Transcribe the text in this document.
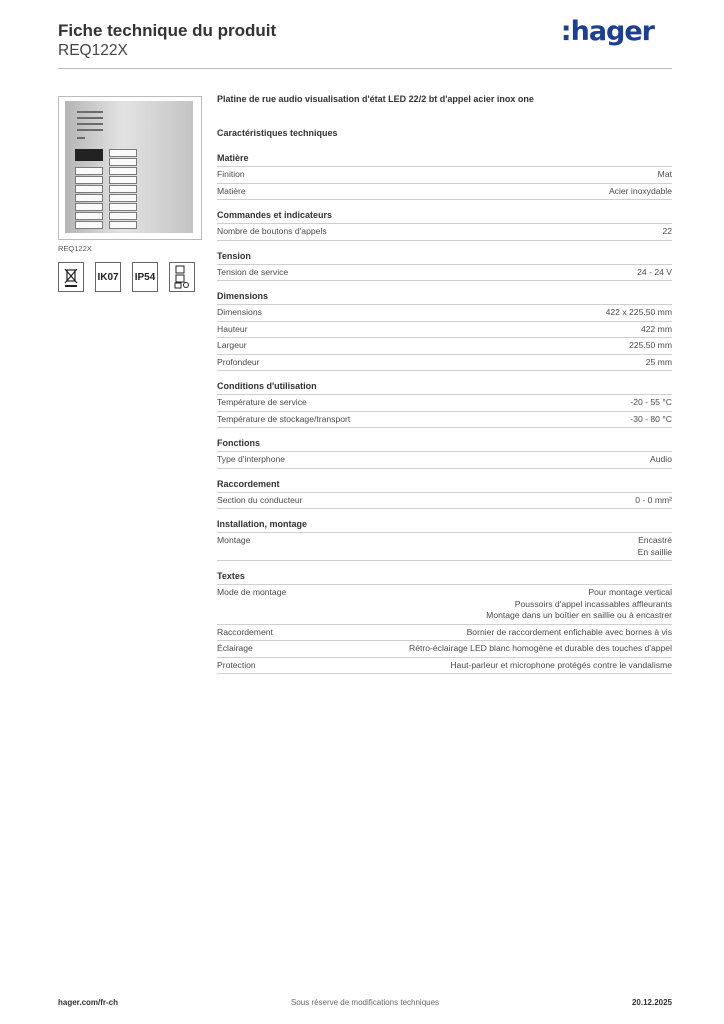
Fiche technique du produit
REQ122X
:hager
REQ122X
IK07 IP54
Platine de rue audio visualisation d'état LED 22/2 bt d'appel acier inox one
Caractéristiques techniques
Matière
Finition	Mat
Matière	Acier inoxydable
Commandes et indicateurs
Nombre de boutons d'appels	22
Tension
Tension de service	24 - 24 V
Dimensions
Dimensions	422 x 225.50 mm
Hauteur	422 mm
Largeur	225.50 mm
Profondeur	25 mm
Conditions d'utilisation
Température de service	-20 - 55 °C
Température de stockage/transport	-30 - 80 °C
Fonctions
Type d'interphone	Audio
Raccordement
Section du conducteur	0 - 0 mm²
Installation, montage
Montage	Encastré
En saillie
Textes
Mode de montage	Pour montage vertical
Poussoirs d'appel incassables affleurants
Montage dans un boîtier en saillie ou à encastrer
Raccordement	Bornier de raccordement enfichable avec bornes à vis
Éclairage	Rétro-éclairage LED blanc homogène et durable des touches d'appel
Protection	Haut-parleur et microphone protégés contre le vandalisme
Sous réserve de modifications techniques
hager.com/fr-ch	20.12.2025
